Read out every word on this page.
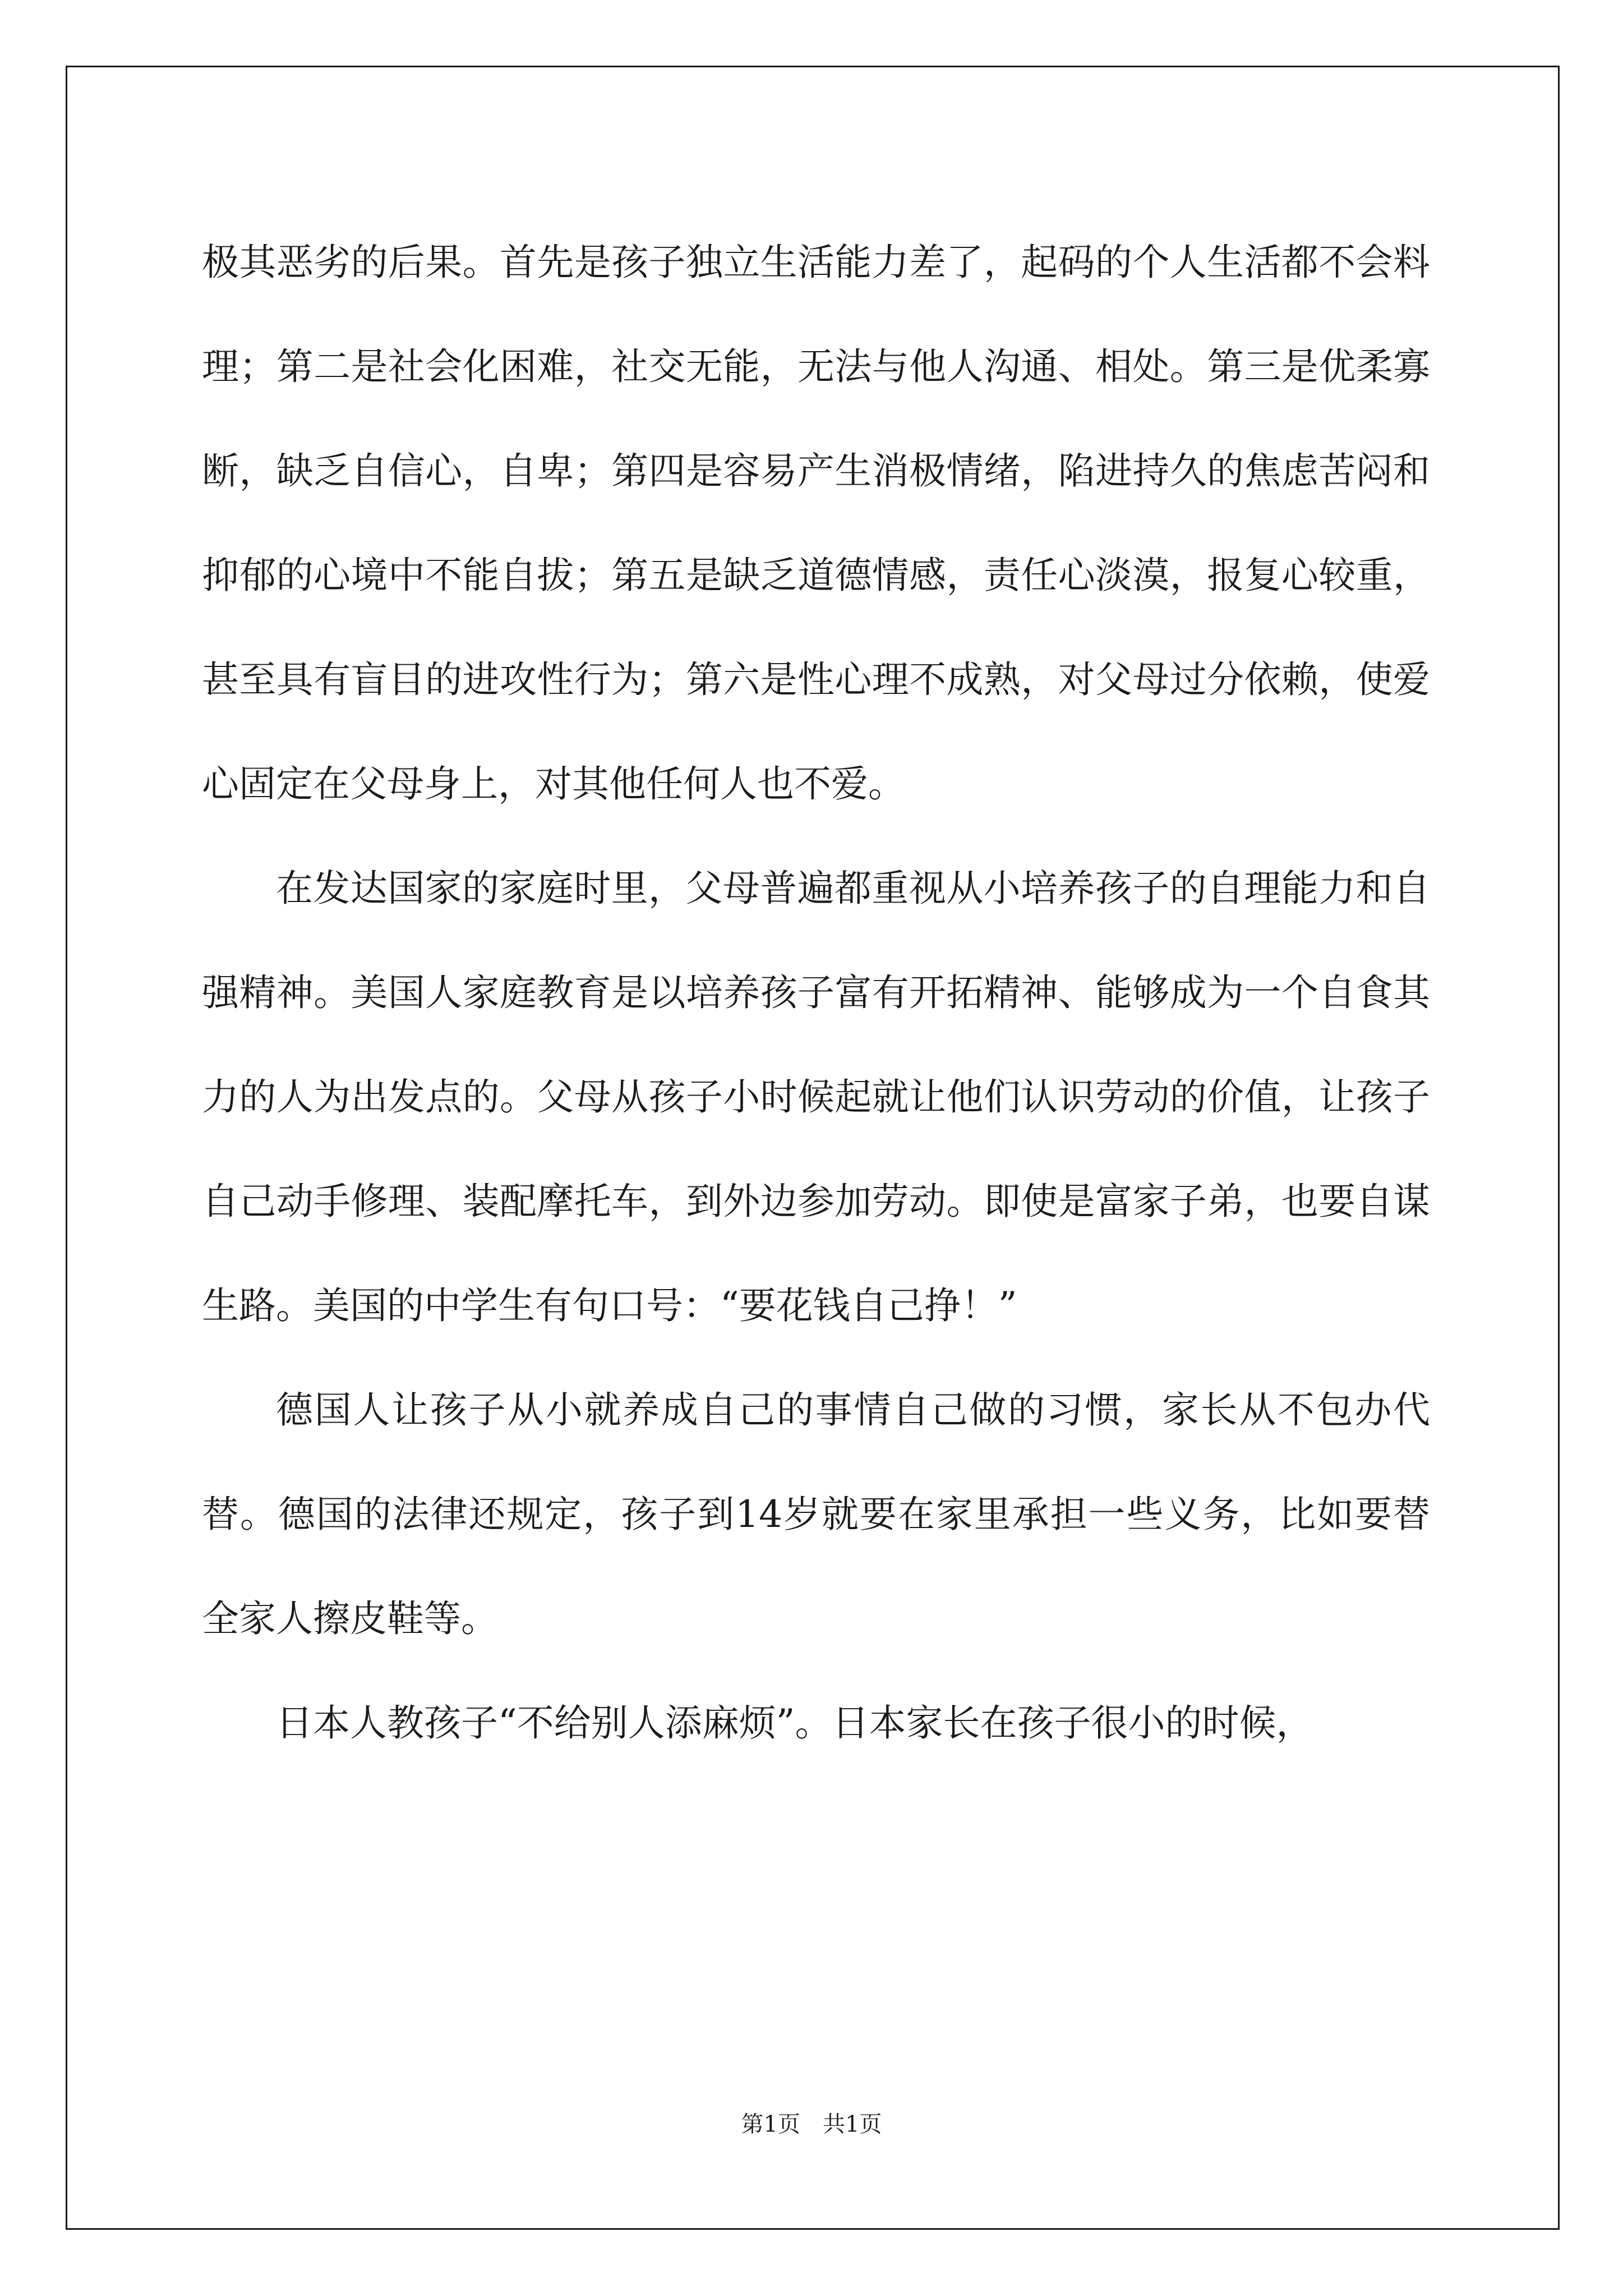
极其恶劣的后果。首先是孩子独立生活能力差了，起码的个人生活都不会料理；第二是社会化困难，社交无能，无法与他人沟通、相处。第三是优柔寡断，缺乏自信心，自卑；第四是容易产生消极情绪，陷进持久的焦虑苦闷和抑郁的心境中不能自拔；第五是缺乏道德情感，责任心淡漠，报复心较重，甚至具有盲目的进攻性行为；第六是性心理不成熟，对父母过分依赖，使爱心固定在父母身上，对其他任何人也不爱。

在发达国家的家庭时里，父母普遍都重视从小培养孩子的自理能力和自强精神。美国人家庭教育是以培养孩子富有开拓精神、能够成为一个自食其力的人为出发点的。父母从孩子小时候起就让他们认识劳动的价值，让孩子自己动手修理、装配摩托车，到外边参加劳动。即使是富家子弟，也要自谋生路。美国的中学生有句口号：“要花钱自己挣！”

德国人让孩子从小就养成自己的事情自己做的习惯，家长从不包办代替。德国的法律还规定，孩子到14岁就要在家里承担一些义务，比如要替全家人擦皮鞋等。

日本人教孩子“不给别人添麻烦”。日本家长在孩子很小的时候，

第1页 共1页
